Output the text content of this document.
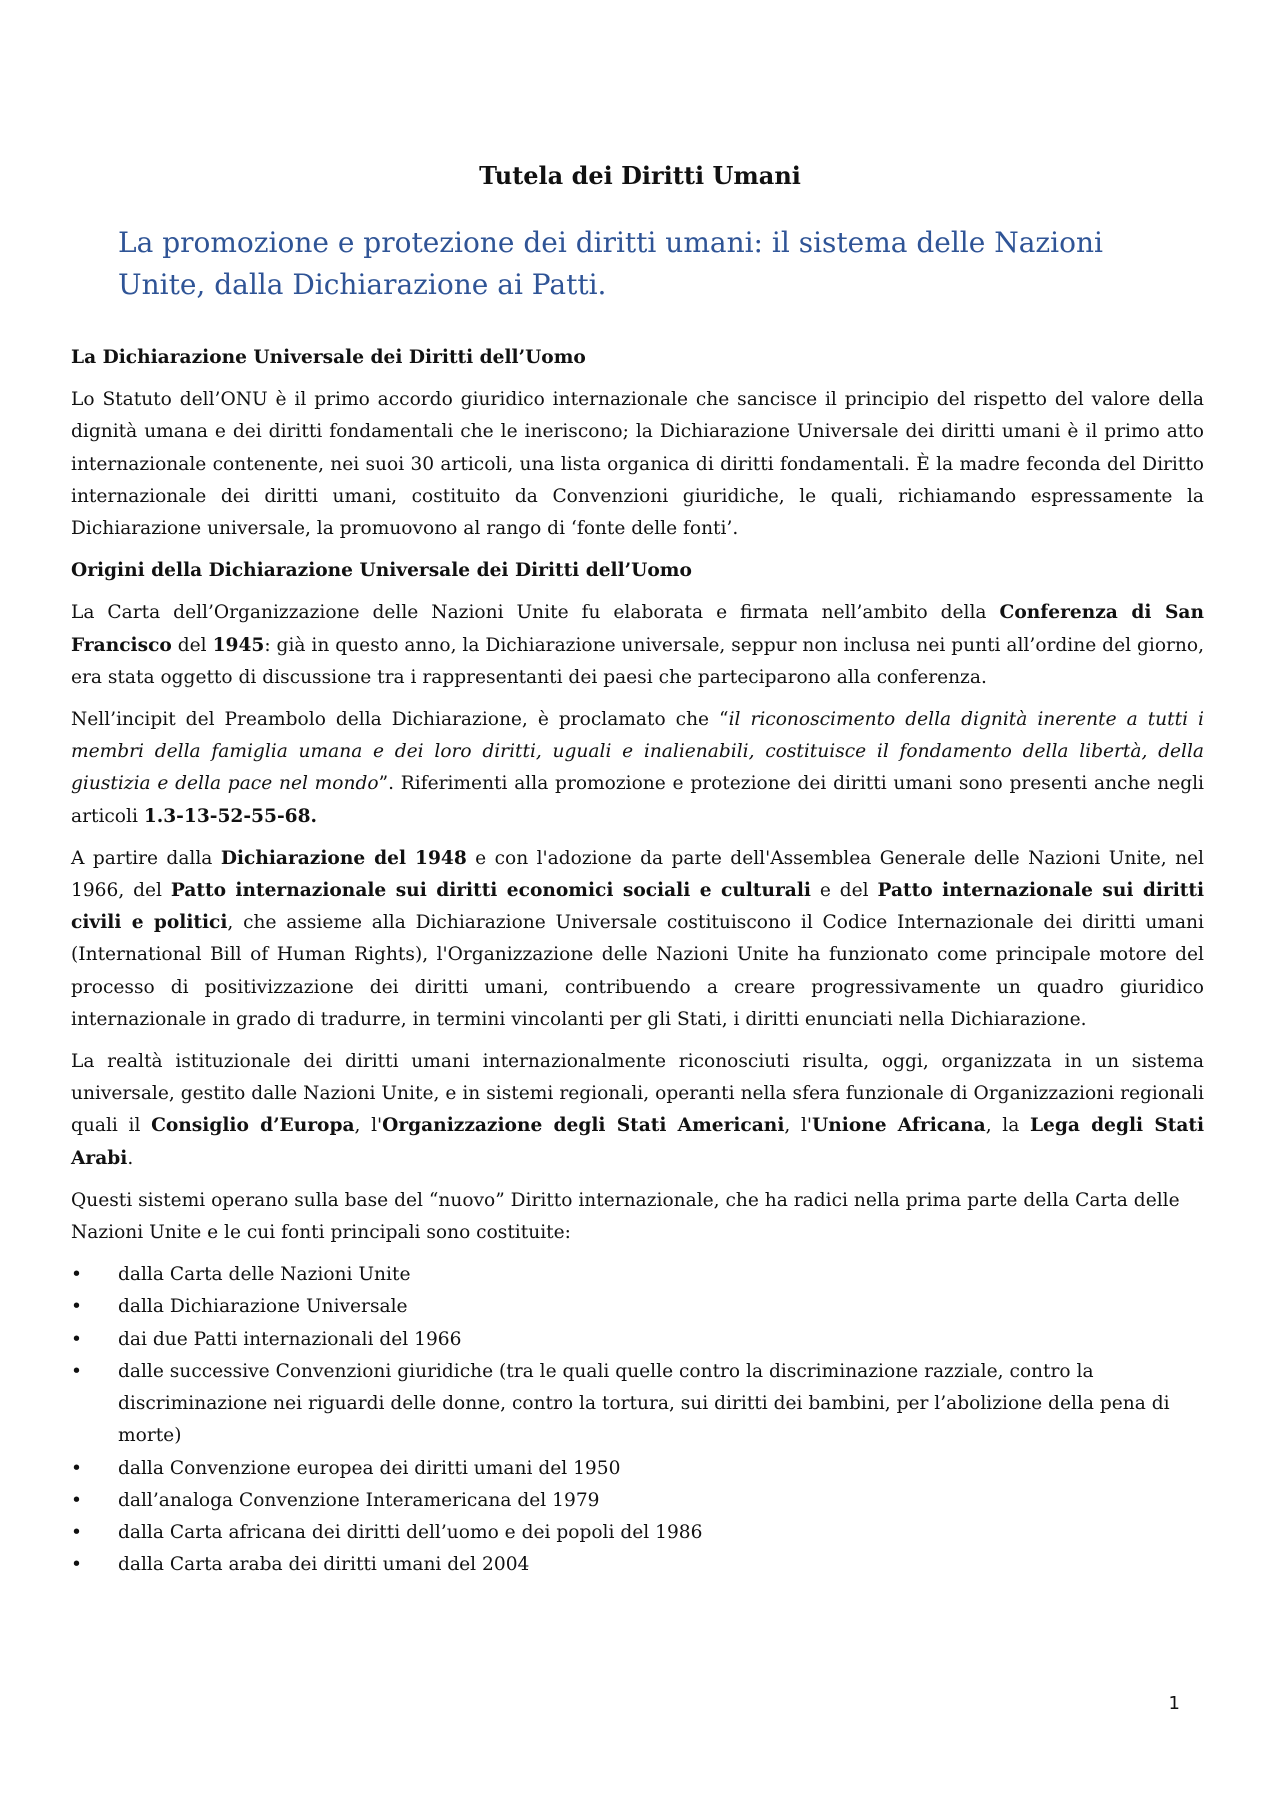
Tutela dei Diritti Umani
La promozione e protezione dei diritti umani: il sistema delle Nazioni Unite, dalla Dichiarazione ai Patti.
La Dichiarazione Universale dei Diritti dell’Uomo

Lo Statuto dell’ONU è il primo accordo giuridico internazionale che sancisce il principio del rispetto del valore della dignità umana e dei diritti fondamentali che le ineriscono; la Dichiarazione Universale dei diritti umani è il primo atto internazionale contenente, nei suoi 30 articoli, una lista organica di diritti fondamentali. È la madre feconda del Diritto internazionale dei diritti umani, costituito da Convenzioni giuridiche, le quali, richiamando espressamente la Dichiarazione universale, la promuovono al rango di ‘fonte delle fonti’.

Origini della Dichiarazione Universale dei Diritti dell’Uomo

La Carta dell’Organizzazione delle Nazioni Unite fu elaborata e firmata nell’ambito della Conferenza di San Francisco del 1945: già in questo anno, la Dichiarazione universale, seppur non inclusa nei punti all’ordine del giorno, era stata oggetto di discussione tra i rappresentanti dei paesi che parteciparono alla conferenza.

Nell’incipit del Preambolo della Dichiarazione, è proclamato che “il riconoscimento della dignità inerente a tutti i membri della famiglia umana e dei loro diritti, uguali e inalienabili, costituisce il fondamento della libertà, della giustizia e della pace nel mondo”. Riferimenti alla promozione e protezione dei diritti umani sono presenti anche negli articoli 1.3-13-52-55-68.

A partire dalla Dichiarazione del 1948 e con l'adozione da parte dell'Assemblea Generale delle Nazioni Unite, nel 1966, del Patto internazionale sui diritti economici sociali e culturali e del Patto internazionale sui diritti civili e politici, che assieme alla Dichiarazione Universale costituiscono il Codice Internazionale dei diritti umani (International Bill of Human Rights), l'Organizzazione delle Nazioni Unite ha funzionato come principale motore del processo di positivizzazione dei diritti umani, contribuendo a creare progressivamente un quadro giuridico internazionale in grado di tradurre, in termini vincolanti per gli Stati, i diritti enunciati nella Dichiarazione.

La realtà istituzionale dei diritti umani internazionalmente riconosciuti risulta, oggi, organizzata in un sistema universale, gestito dalle Nazioni Unite, e in sistemi regionali, operanti nella sfera funzionale di Organizzazioni regionali quali il Consiglio d’Europa, l'Organizzazione degli Stati Americani, l'Unione Africana, la Lega degli Stati Arabi.

Questi sistemi operano sulla base del “nuovo” Diritto internazionale, che ha radici nella prima parte della Carta delle Nazioni Unite e le cui fonti principali sono costituite:

• dalla Carta delle Nazioni Unite
• dalla Dichiarazione Universale
• dai due Patti internazionali del 1966
• dalle successive Convenzioni giuridiche (tra le quali quelle contro la discriminazione razziale, contro la discriminazione nei riguardi delle donne, contro la tortura, sui diritti dei bambini, per l’abolizione della pena di morte)
• dalla Convenzione europea dei diritti umani del 1950
• dall’analoga Convenzione Interamericana del 1979
• dalla Carta africana dei diritti dell’uomo e dei popoli del 1986
• dalla Carta araba dei diritti umani del 2004
1
